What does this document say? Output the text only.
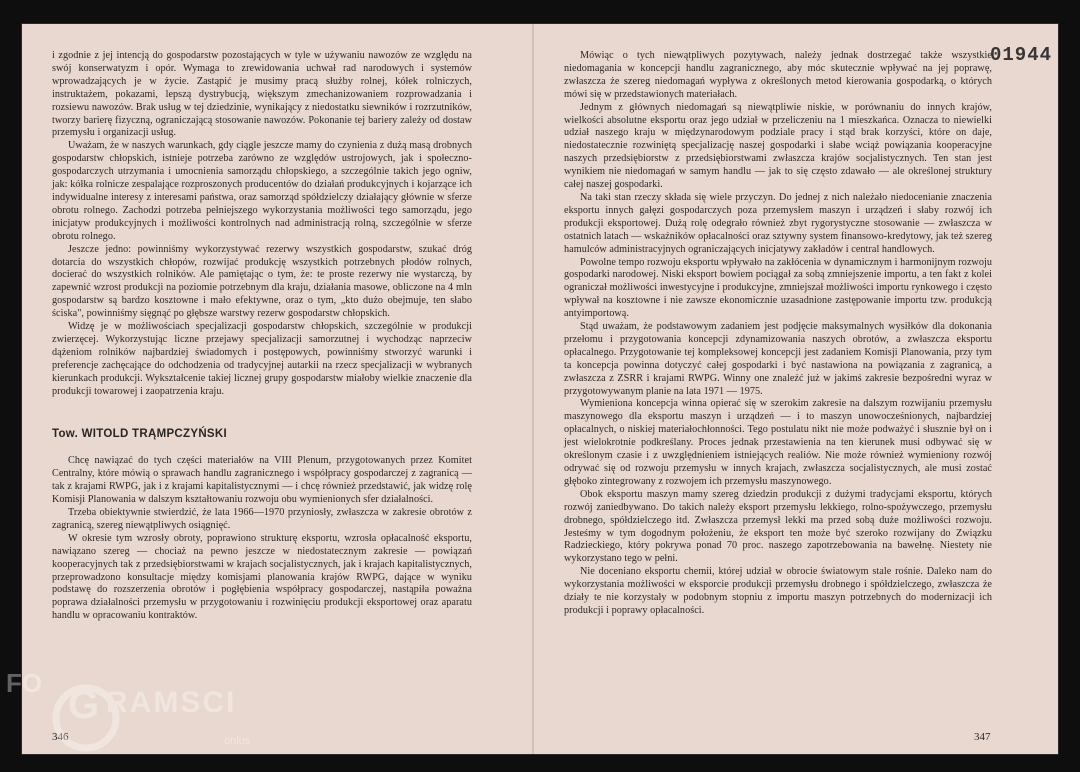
i zgodnie z jej intencją do gospodarstw pozostających w tyle w używaniu nawozów ze względu na swój konserwatyzm i opór. Wymaga to zrewidowania uchwał rad narodowych i systemów wprowadzających je w życie. Zastąpić je musimy pracą służby rolnej, kółek rolniczych, instruktażem, pokazami, lepszą dystrybucją, większym zmechanizowaniem rozprowadzania i rozsiewu nawozów. Brak usług w tej dziedzinie, wynikający z niedostatku siewników i rozrzutników, tworzy barierę fizyczną, ograniczającą stosowanie nawozów. Pokonanie tej bariery zależy od dostaw przemysłu i organizacji usług.

Uważam, że w naszych warunkach, gdy ciągle jeszcze mamy do czynienia z dużą masą drobnych gospodarstw chłopskich, istnieje potrzeba zarówno ze względów ustrojowych, jak i społeczno-gospodarczych utrzymania i umocnienia samorządu chłopskiego, a szczególnie takich jego ogniw, jak: kółka rolnicze zespalające rozproszonych producentów do działań produkcyjnych i kojarzące ich indywidualne interesy z interesami państwa, oraz samorząd spółdzielczy działający głównie w sferze obrotu rolnego. Zachodzi potrzeba pełniejszego wykorzystania możliwości tego samorządu, jego inicjatyw produkcyjnych i możliwości kontrolnych nad administracją rolną, szczególnie w sferze obrotu rolnego.

Jeszcze jedno: powinniśmy wykorzystywać rezerwy wszystkich gospodarstw, szukać dróg dotarcia do wszystkich chłopów, rozwijać produkcję wszystkich potrzebnych płodów rolnych, docierać do wszystkich rolników. Ale pamiętając o tym, że: te proste rezerwy nie wystarczą, by zapewnić wzrost produkcji na poziomie potrzebnym dla kraju, działania masowe, obliczone na 4 mln gospodarstw są bardzo kosztowne i mało efektywne, oraz o tym, „kto dużo obejmuje, ten słabo ściska", powinniśmy sięgnąć po głębsze warstwy rezerw gospodarstw chłopskich.

Widzę je w możliwościach specjalizacji gospodarstw chłopskich, szczególnie w produkcji zwierzęcej. Wykorzystując liczne przejawy specjalizacji samorzutnej i wychodząc naprzeciw dążeniom rolników najbardziej świadomych i postępowych, powinniśmy stworzyć warunki i preferencje zachęcające do odchodzenia od tradycyjnej autarkii na rzecz specjalizacji w wybranych kierunkach produkcji. Wykształcenie takiej licznej grupy gospodarstw miałoby wielkie znaczenie dla produkcji towarowej i zaopatrzenia kraju.

Tow. WITOLD TRĄMPCZYŃSKI

Chcę nawiązać do tych części materiałów na VIII Plenum, przygotowanych przez Komitet Centralny, które mówią o sprawach handlu zagranicznego i współpracy gospodarczej z zagranicą — tak z krajami RWPG, jak i z krajami kapitalistycznymi — i chcę również przedstawić, jak widzę rolę Komisji Planowania w dalszym kształtowaniu rozwoju obu wymienionych sfer działalności.

Trzeba obiektywnie stwierdzić, że lata 1966—1970 przyniosły, zwłaszcza w zakresie obrotów z zagranicą, szereg niewątpliwych osiągnięć.

W okresie tym wzrosły obroty, poprawiono strukturę eksportu, wzrosła opłacalność eksportu, nawiązano szereg — chociaż na pewno jeszcze w niedostatecznym zakresie — powiązań kooperacyjnych tak z przedsiębiorstwami w krajach socjalistycznych, jak i krajach kapitalistycznych, przeprowadzono konsultacje między komisjami planowania krajów RWPG, dające w wyniku podstawę do rozszerzenia obrotów i pogłębienia współpracy gospodarczej, nastąpiła poważna poprawa działalności przemysłu w przygotowaniu i rozwinięciu produkcji eksportowej oraz aparatu handlu w opracowaniu kontraktów.

Mówiąc o tych niewątpliwych pozytywach, należy jednak dostrzegać także wszystkie niedomagania w koncepcji handlu zagranicznego, aby móc skutecznie wpływać na jej poprawę, zwłaszcza że szereg niedomagań wypływa z określonych metod kierowania gospodarką, o których mówi się w przedstawionych materiałach.

Jednym z głównych niedomagań są niewątpliwie niskie, w porównaniu do innych krajów, wielkości absolutne eksportu oraz jego udział w przeliczeniu na 1 mieszkańca. Oznacza to niewielki udział naszego kraju w międzynarodowym podziale pracy i stąd brak korzyści, które on daje, niedostatecznie rozwiniętą specjalizację naszej gospodarki i słabe wciąż powiązania kooperacyjne naszych przedsiębiorstw z przedsiębiorstwami zwłaszcza krajów socjalistycznych. Ten stan jest wynikiem nie niedomagań w samym handlu — jak to się często zdawało — ale określonej struktury całej naszej gospodarki.

Na taki stan rzeczy składa się wiele przyczyn. Do jednej z nich należało niedocenianie znaczenia eksportu innych gałęzi gospodarczych poza przemysłem maszyn i urządzeń i słaby rozwój ich produkcji eksportowej. Dużą rolę odegrało również zbyt rygorystyczne stosowanie — zwłaszcza w ostatnich latach — wskaźników opłacalności oraz sztywny system finansowo-kredytowy, jak też szereg hamulców administracyjnych ograniczających inicjatywy zakładów i central handlowych.

Powolne tempo rozwoju eksportu wpływało na zakłócenia w dynamicznym i harmonijnym rozwoju gospodarki narodowej. Niski eksport bowiem pociągał za sobą zmniejszenie importu, a ten fakt z kolei ograniczał możliwości inwestycyjne i produkcyjne, zmniejszał możliwości importu rynkowego i często wpływał na kosztowne i nie zawsze ekonomicznie uzasadnione zastępowanie importu tzw. produkcją antyimportową.

Stąd uważam, że podstawowym zadaniem jest podjęcie maksymalnych wysiłków dla dokonania przełomu i przygotowania koncepcji zdynamizowania naszych obrotów, a zwłaszcza eksportu opłacalnego. Przygotowanie tej kompleksowej koncepcji jest zadaniem Komisji Planowania, przy tym ta koncepcja powinna dotyczyć całej gospodarki i być nastawiona na powiązania z zagranicą, a zwłaszcza z ZSRR i krajami RWPG. Winny one znaleźć już w jakimś zakresie bezpośredni wyraz w przygotowywanym planie na lata 1971 — 1975.

Wymieniona koncepcja winna opierać się w szerokim zakresie na dalszym rozwijaniu przemysłu maszynowego dla eksportu maszyn i urządzeń — i to maszyn unowocześnionych, najbardziej opłacalnych, o niskiej materiałochłonności. Tego postulatu nikt nie może podważyć i słusznie był on i jest wielokrotnie podkreślany. Proces jednak przestawienia na ten kierunek musi odbywać się w określonym czasie i z uwzględnieniem istniejących realiów. Nie może również wymieniony rozwój odrywać się od rozwoju przemysłu w innych krajach, zwłaszcza socjalistycznych, ale musi zostać głęboko zintegrowany z rozwojem ich przemysłu maszynowego.

Obok eksportu maszyn mamy szereg dziedzin produkcji z dużymi tradycjami eksportu, których rozwój zaniedbywano. Do takich należy eksport przemysłu lekkiego, rolno-spożywczego, przemysłu drobnego, spółdzielczego itd. Zwłaszcza przemysł lekki ma przed sobą duże możliwości rozwoju. Jesteśmy w tym dogodnym położeniu, że eksport ten może być szeroko rozwijany do Związku Radzieckiego, który pokrywa ponad 70 proc. naszego zapotrzebowania na bawełnę. Niestety nie wykorzystano tego w pełni.

Nie doceniano eksportu chemii, której udział w obrocie światowym stale rośnie. Daleko nam do wykorzystania możliwości w eksporcie produkcji przemysłu drobnego i spółdzielczego, zwłaszcza że działy te nie korzystały w podobnym stopniu z importu maszyn potrzebnych do modernizacji ich produkcji i poprawy opłacalności.

346	347
01944
FO G RAMSCI
onlus
